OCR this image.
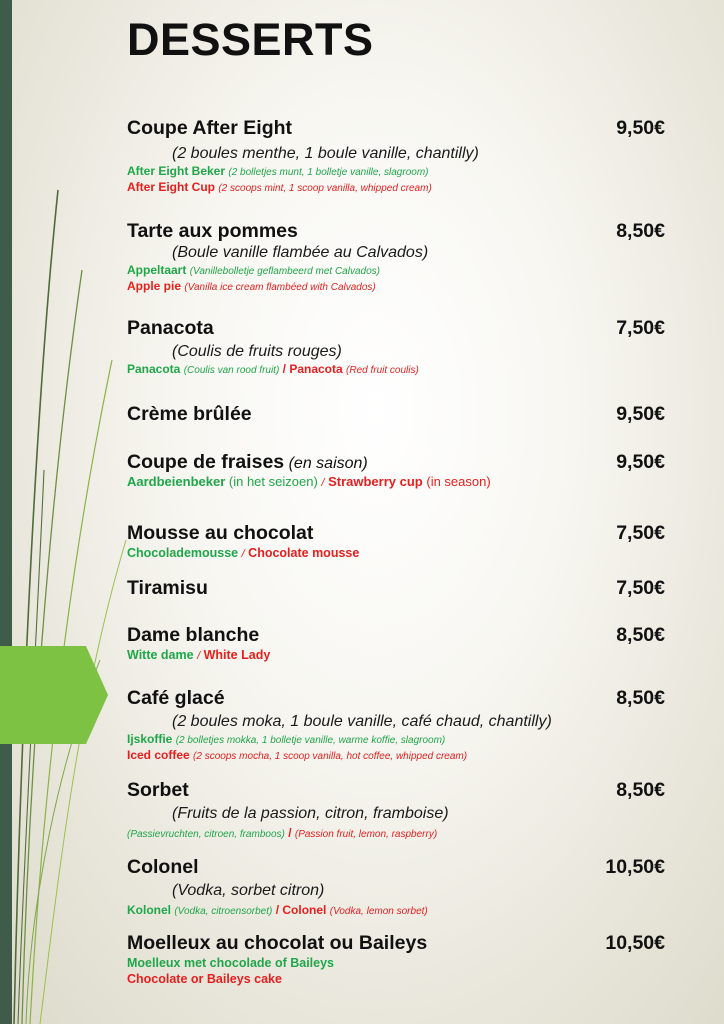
DESSERTS
Coupe After Eight	9,50€
(2 boules menthe, 1 boule vanille, chantilly)
After Eight Beker (2 bolletjes munt, 1 bolletje vanille, slagroom)
After Eight Cup (2 scoops mint, 1 scoop vanilla, whipped cream)
Tarte aux pommes	8,50€
(Boule vanille flambée au Calvados)
Appeltaart (Vanillebolletje geflambeerd met Calvados)
Apple pie (Vanilla ice cream flambéed with Calvados)
Panacota	7,50€
(Coulis de fruits rouges)
Panacota (Coulis van rood fruit) / Panacota (Red fruit coulis)
Crème brûlée	9,50€
Coupe de fraises (en saison)	9,50€
Aardbeienbeker (in het seizoen) / Strawberry cup (in season)
Mousse au chocolat	7,50€
Chocolademousse / Chocolate mousse
Tiramisu	7,50€
Dame blanche	8,50€
Witte dame / White Lady
Café glacé	8,50€
(2 boules moka, 1 boule vanille, café chaud, chantilly)
Ijskoffie (2 bolletjes mokka, 1 bolletje vanille, warme koffie, slagroom)
Iced coffee (2 scoops mocha, 1 scoop vanilla, hot coffee, whipped cream)
Sorbet	8,50€
(Fruits de la passion, citron, framboise)
(Passievruchten, citroen, framboos) / (Passion fruit, lemon, raspberry)
Colonel	10,50€
(Vodka, sorbet citron)
Kolonel (Vodka, citroensorbet) / Colonel (Vodka, lemon sorbet)
Moelleux au chocolat ou Baileys	10,50€
Moelleux met chocolade of Baileys
Chocolate or Baileys cake
